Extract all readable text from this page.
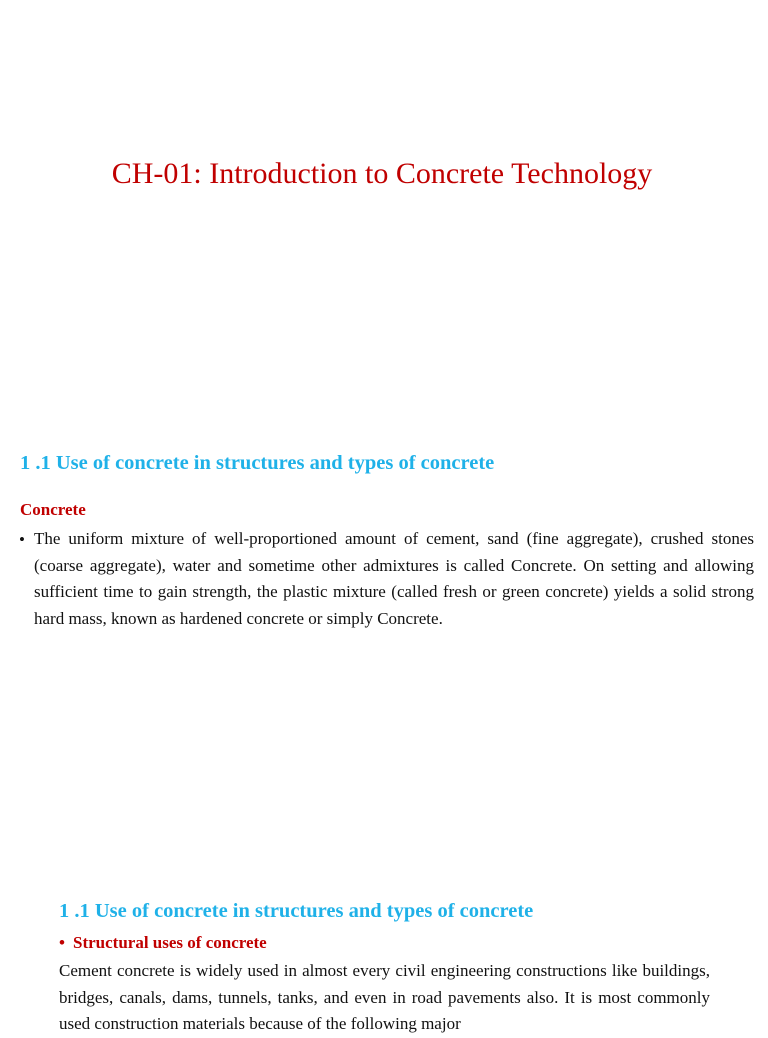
CH-01: Introduction to Concrete Technology
1 .1 Use of concrete in structures and types of concrete
Concrete
• The uniform mixture of well-proportioned amount of cement, sand (fine aggregate), crushed stones (coarse aggregate), water and sometime other admixtures is called Concrete. On setting and allowing sufficient time to gain strength, the plastic mixture (called fresh or green concrete) yields a solid strong hard mass, known as hardened concrete or simply Concrete.
1 .1 Use of concrete in structures and types of concrete
• Structural uses of concrete
Cement concrete is widely used in almost every civil engineering constructions like buildings, bridges, canals, dams, tunnels, tanks, and even in road pavements also. It is most commonly used construction materials because of the following major
